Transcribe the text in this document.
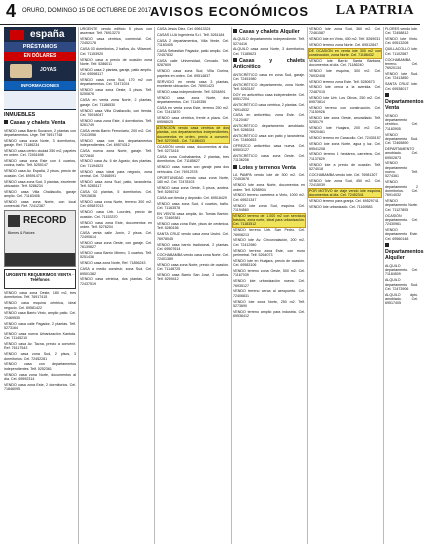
4 ORURO, DOMINGO 15 DE OCTUBRE DE 2017
AVISOS ECONÓMICOS LA PATRIA
españa
PRÉSTAMOS
EN DÓLARES
JOYAS
INFORMACIONES
INMUEBLES
Casas y chalets Venta

VENDO casa Barrio Socavon, 2 plantas con departamentos. Urge. Telf 76917748

VENDO casa zona Norte, 3 dormitorios, garaje. Ref. 71186234

VENDO casa centro ciudad 250 m2, papeles en orden. Cel. 72451698

VENDO casa zona Este con 4 cuartos, cocina, baño. Telf. 5250147

VENDO casa Av. España, 2 pisos, precio de ocasión. Cel. 69591473

VENDO casa zona Sud, 3 plantas, excelente ubicación. Telf. 5286234

VENDO casa Villa Challacollo, garaje amplio. Cel. 71183406

VENDO casa zona Norte, con local comercial. Ref. 72412387

RECORD
Bienes & Raíces
URGENTE REQUERIMOS VENTA · Teléfonos

VENDO casa zona Oeste, 180 m2, tres dormitorios. Telf. 76917415

VENDO casa esquina céntrica, ideal negocio. Cel. 69581422

VENDO casa Barrio Vinto, amplio patio. Cel. 72469530

VENDO casa calle Pagador, 2 plantas. Telf. 5273164

VENDO casa nueva Urbanización Kantuta. Cel. 71145210

VENDO casa Av. Tacna, precio a convenir. Ref. 76117543

VENDO casa zona Sud, 2 pisos, 3 dormitorios. Cel. 72452281

VENDO casa con departamentos independientes. Telf. 5252361

VENDO casa zona Norte, documentos al día. Cel. 69592314

VENDO casa zona Este, 2 dormitorios. Cel. 71846095

URGENTE vendo edificio 5 pisos con ascensor. Telf. 76913270

VENDO casa céntrica, comercial. Cel. 72452178

CASA 03 dormitorios, 2 baños, Av. Villarroel. Cel. 71153920

VENDO casa a precio de ocasión zona Norte. Telf. 5286011

VENDO casa 2 plantas, garaje, patio amplio. Cel. 69598117

VENDO casa zona Sud, 170 m2 con departamentos. Cel. 72471024

VENDO casa zona Oeste, 3 pisos. Telf. 5250876

CASA en venta zona Norte, 2 plantas, garaje. Cel. 71186530

VENDO casa Villa Challacollo, con tienda. Cel. 76918047

VENDO casa zona Este, 4 dormitorios. Telf. 5261749

CASA venta Barrio Ferroviario, 200 m2. Cel. 72413956

VENDO casa con dos departamentos independientes. Cel. 69574312

CASA nueva zona Norte, garaje. Telf. 5272840

VENDO casa Av. 6 de Agosto, dos plantas. Cel. 71194523

VENDO casa ideal para negocio, zona central. Cel. 72468091

VENDO casa zona Sud, patio, lavandería. Telf. 5285117

CASA 02 plantas, 5 dormitorios. Cel. 76915836

VENDO casa zona Norte, terreno 300 m2. Cel. 69587013

VENDO casa Urb. Lourdes, precio de ocasión. Cel. 71153370

VENDO casa zona Este, documentos en orden. Telf. 5276204

CASA venta calle Junín, 2 pisos. Cel. 72490614

VENDO casa zona Oeste, con garaje. Cel. 76139827

VENDO casa Barrio Minero, 3 cuartos. Telf. 5251436

VENDO casa zona Norte, Ref. 71856243

CASA a medio construir, zona Sud. Cel. 69501382

VENDO casa céntrica, dos plantas. Cel. 72437519

CASA Jesús Diez. Cel. 69613324

CASAS LUA Ingeniería S.r.l. Telf. 5261184

CASA 2 departamentos, Villa Verde. Cel. 71183405

CASA Sebastián Pagador, patio amplio. Cel. 72457832

CASA calle Universidad, Cercado. Telf. 5287609

VENDO casa zona Sud, Villa Dorina, papeles en orden. Cel. 69514837

SERVICIO en venta casa 3 plantas, excelente ubicación. Cel. 76901423

VENDO casa independiente. Telf. 5254891

VENDO casa zona Norte, dos departamentos. Cel. 71140356

CASA en venta zona Este, terreno 250 m2. Cel. 72413870

VENDO casa céntrica, frente a plaza. Cel. 69598025

ATENCIÓN vendo casa céntrica de dos plantas, con departamentos independientes, documentos en orden, precio a convenir. Telf. 5270945 - Cel. 71186433

OCASIÓN vendo casa, documentos al día. Telf. 5273416

CASA zona Cochabamba, 2 plantas, tres dormitorios. Cel. 71185627

VENDO casa nueva con garaje para dos vehículos. Cel. 76912378

OPORTUNIDAD vendo casa zona Norte, 180 m2. Cel. 72478103

VENDO casa zona Oeste, 3 pisos, azotea. Telf. 5256742

CASA con tienda y depósito. Cel. 69518429

VENDO casa zona Sud, 4 cuartos, baño. Cel. 71163578

EN VENTA casa amplia, Av. Tomás Barrón. Cel. 72469381

VENDO casa zona Este, pisos de cerámica. Telf. 5280156

SANTA CRUZ vendo casa zona Urubó. Cel. 76978045

VENDO casa barrio tradicional, 2 plantas. Cel. 69507614

COCHABAMBA vendo casa zona Norte. Cel. 72401389

VENDO casa zona Norte, precio de ocasión. Cel. 71148725

VENDO casa Barrio San José, 3 cuartos. Telf. 5259412

Casas y chalets Alquiler

ALQUILO departamento independiente. Telf. 5274416

ALQUILO casa zona Norte, 3 dormitorios. Cel. 71185623

Casas y chalets Anticrético

ANTICRÉTICO casa en zona Sud, garaje. Cel. 72451980

ANTICRÉTICO departamento, zona Norte. Telf. 5263187

DOY en anticrético casa independiente. Cel. 69517204

ANTICRÉTICO casa céntrica, 2 plantas. Cel. 76914532

CASA en anticrético, zona Este. Cel. 71120467

ANTICRÉTICO departamento amoblado. Telf. 5286341

ANTICRÉTICO casa con patio y lavandería. Cel. 72480653

OFREZCO anticrético casa nueva. Cel. 69503127

ANTICRÉTICO casa zona Oeste. Cel. 71136208

Lotes y terrenos Venta

LA PAMPA vendo lote de 300 m2. Cel. 72453678

VENDO lote zona Norte, documentos en orden. Telf. 5258904

VENDO terreno carretera a Vinto, 1000 m2. Cel. 69521347

VENDO lote zona Sud, esquina. Cel. 71194560

VENDO terreno de 1.000 m2 con servicios básicos, zona norte, ideal para urbanización. Cel. 71183512

VENDO terreno Urb. San Pedro. Cel. 76908213

VENDO lote Av. Circunvalación, 200 m2. Cel. 72412980

VENDO terreno zona Este, con muro perimetral. Telf. 5264073

VENDO lote en Huajara, precio de ocasión. Cel. 69583106

VENDO terreno zona Oeste, 500 m2. Cel. 71167039

VENDO lote urbanización nueva. Cel. 76935127

VENDO terreno cerca al aeropuerto. Cel. 72406831

VENDO lote zona Norte, 250 m2. Telf. 5273690

VENDO terreno amplio para industria. Cel. 69536412

VENDO lote zona Sud, 360 m2. Cel. 72461587

VENDO lote en Vinto, 400 m2. Telf. 5269031

VENDO terreno zona Norte. Cel. 69512847

DE OCASIÓN en venta lote 300 m2 con construcción, zona Norte. Cel. 71186432

VENDO lote Barrio Santa Bárbara, documentos al día. Cel. 71186240

VENDO lote esquina, 300 m2. Cel. 76932408

VENDO terreno zona Este. Telf. 5280673

VENDO lote cerca a la avenida. Cel. 72487015

VENDO lote Urb. Los Olivos, 250 m2. Cel. 69573814

VENDO terreno con construcción. Cel. 71150928

VENDO lote zona Oeste, amurallado. Telf. 5255179

VENDO lote Huajara, 200 m2. Cel. 76920461

VENDO terreno en Caracollo. Cel. 72430157

VENDO lote zona Norte, agua y luz. Cel. 69541208

VENDO terreno 1 hectárea, carretera. Cel. 71137829

VENDO lote a precio de ocasión. Telf. 5274018

COCHABAMBA vendo lote. Cel. 76981307

VENDO lote zona Sud, 450 m2. Cel. 72415039

POR MOTIVO de viaje vendo lote esquina, documentos al día. Cel. 72452341

VENDO terreno para granja. Cel. 69529741

VENDO lote urbanizado. Cel. 71169583

FLORES vendo lote. Cel. 72458812

VENDO lote Vinto. Cel. 69513208

QUILLACOLLO lote. Cel. 71102587

COCHABAMBA terreno. Cel. 76920134

VENDO lote Sud. Cel. 72413850

SANTA CRUZ lote. Cel. 69538017

Departamentos Venta

VENDO departamento céntrico. Cel. 71183905

VENDO departamento Sud. Cel. 72465890

DEPARTAMENTO amoblado. Cel. 69502873

VENDO departamento nuevo. Telf. 5274361

VENDO departamento 2 dormitorios. Cel. 76914032

VENDO departamento Norte. Cel. 71127805

OCASIÓN departamento. Cel. 72430961

VENDO departamento Este. Cel. 69560148

Departamentos Alquiler

ALQUILO departamento. Cel. 71184509

ALQUILO departamento Sud. Cel. 72473906

ALQUILO dpto. amoblado. Cel. 69517405
